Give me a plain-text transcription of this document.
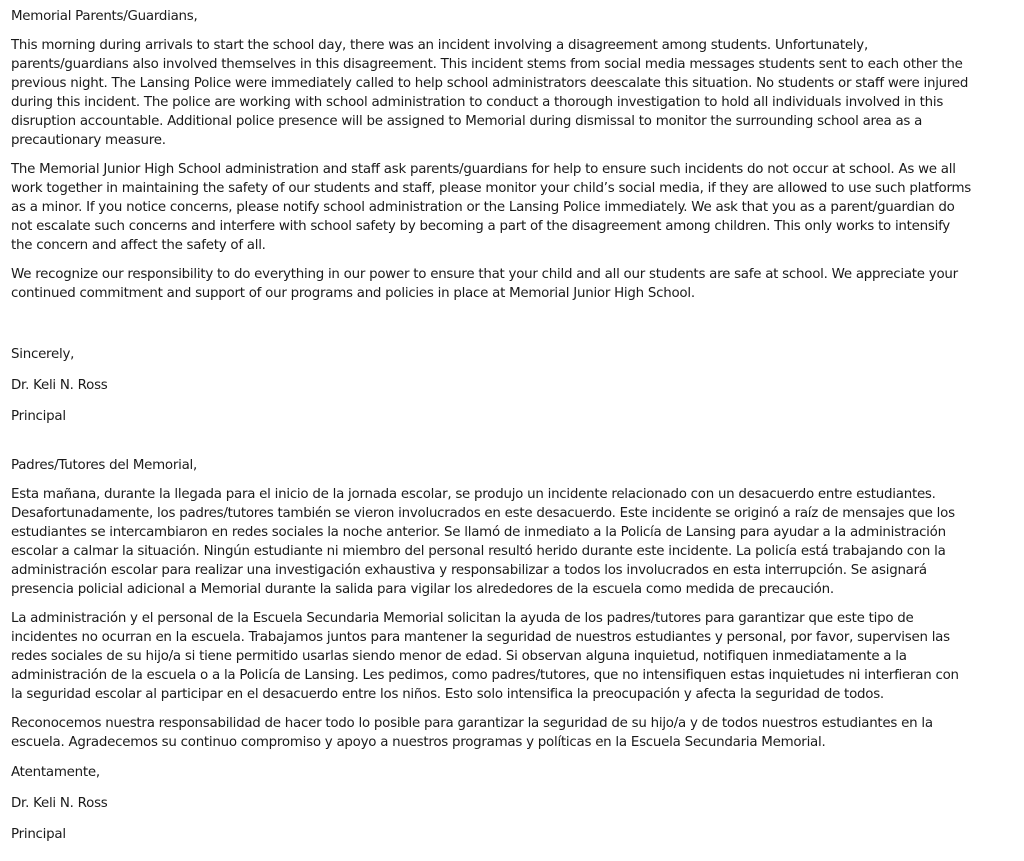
Memorial Parents/Guardians,

This morning during arrivals to start the school day, there was an incident involving a disagreement among students. Unfortunately, parents/guardians also involved themselves in this disagreement. This incident stems from social media messages students sent to each other the previous night. The Lansing Police were immediately called to help school administrators deescalate this situation. No students or staff were injured during this incident. The police are working with school administration to conduct a thorough investigation to hold all individuals involved in this disruption accountable. Additional police presence will be assigned to Memorial during dismissal to monitor the surrounding school area as a precautionary measure.

The Memorial Junior High School administration and staff ask parents/guardians for help to ensure such incidents do not occur at school. As we all work together in maintaining the safety of our students and staff, please monitor your child’s social media, if they are allowed to use such platforms as a minor. If you notice concerns, please notify school administration or the Lansing Police immediately. We ask that you as a parent/guardian do not escalate such concerns and interfere with school safety by becoming a part of the disagreement among children. This only works to intensify the concern and affect the safety of all.

We recognize our responsibility to do everything in our power to ensure that your child and all our students are safe at school. We appreciate your continued commitment and support of our programs and policies in place at Memorial Junior High School.

Sincerely,

Dr. Keli N. Ross

Principal

Padres/Tutores del Memorial,

Esta mañana, durante la llegada para el inicio de la jornada escolar, se produjo un incidente relacionado con un desacuerdo entre estudiantes. Desafortunadamente, los padres/tutores también se vieron involucrados en este desacuerdo. Este incidente se originó a raíz de mensajes que los estudiantes se intercambiaron en redes sociales la noche anterior. Se llamó de inmediato a la Policía de Lansing para ayudar a la administración escolar a calmar la situación. Ningún estudiante ni miembro del personal resultó herido durante este incidente. La policía está trabajando con la administración escolar para realizar una investigación exhaustiva y responsabilizar a todos los involucrados en esta interrupción. Se asignará presencia policial adicional a Memorial durante la salida para vigilar los alrededores de la escuela como medida de precaución.

La administración y el personal de la Escuela Secundaria Memorial solicitan la ayuda de los padres/tutores para garantizar que este tipo de incidentes no ocurran en la escuela. Trabajamos juntos para mantener la seguridad de nuestros estudiantes y personal, por favor, supervisen las redes sociales de su hijo/a si tiene permitido usarlas siendo menor de edad. Si observan alguna inquietud, notifiquen inmediatamente a la administración de la escuela o a la Policía de Lansing. Les pedimos, como padres/tutores, que no intensifiquen estas inquietudes ni interfieran con la seguridad escolar al participar en el desacuerdo entre los niños. Esto solo intensifica la preocupación y afecta la seguridad de todos.

Reconocemos nuestra responsabilidad de hacer todo lo posible para garantizar la seguridad de su hijo/a y de todos nuestros estudiantes en la escuela. Agradecemos su continuo compromiso y apoyo a nuestros programas y políticas en la Escuela Secundaria Memorial.

Atentamente,

Dr. Keli N. Ross

Principal
